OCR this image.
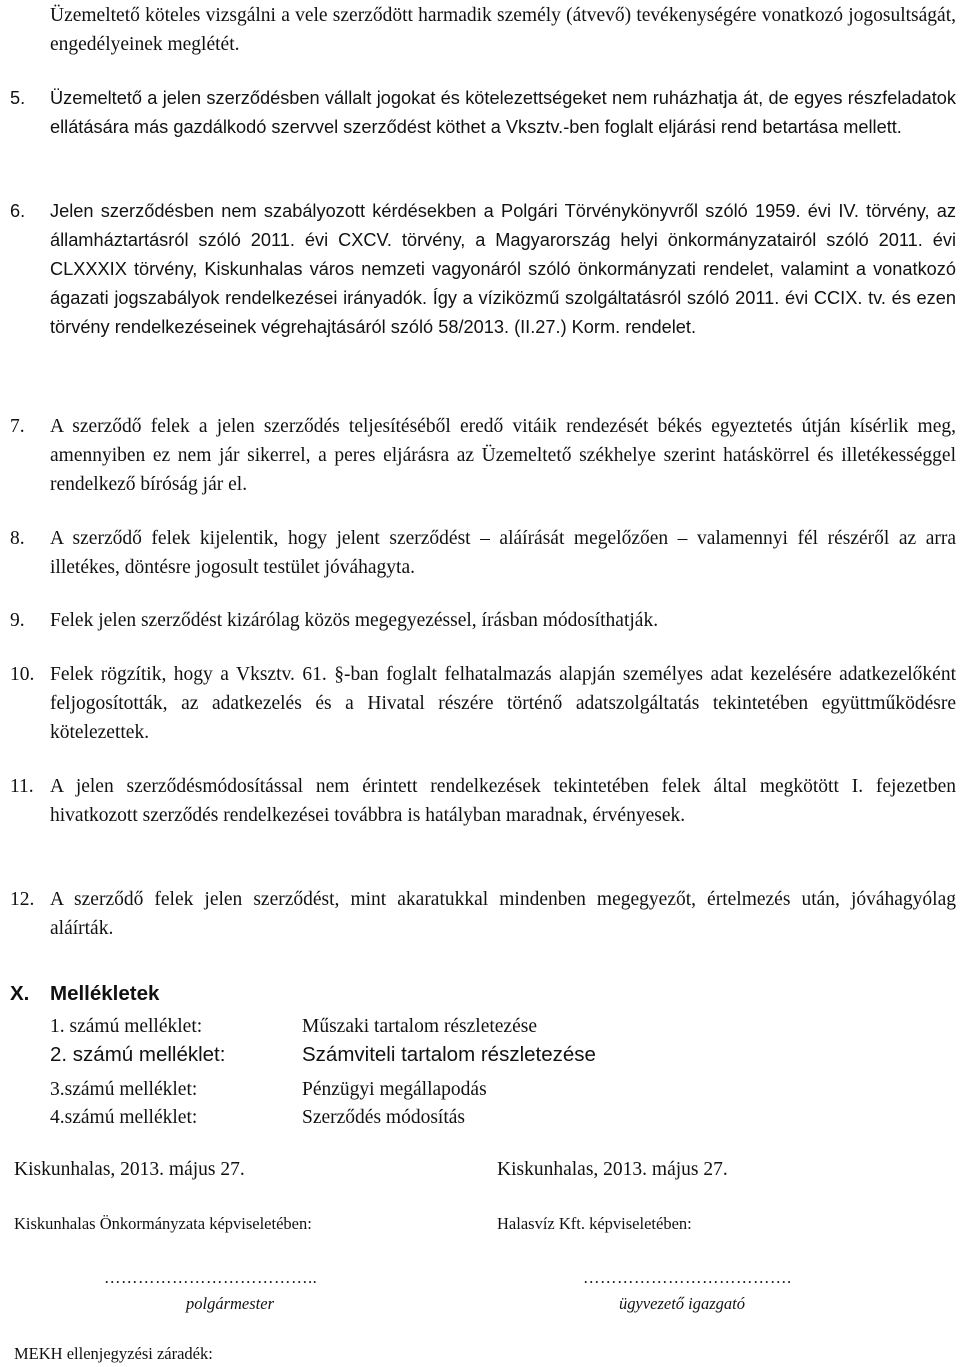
Üzemeltető köteles vizsgálni a vele szerződött harmadik személy (átvevő) tevékenységére vonatkozó jogosultságát, engedélyeinek meglétét.
5. Üzemeltető a jelen szerződésben vállalt jogokat és kötelezettségeket nem ruházhatja át, de egyes részfeladatok ellátására más gazdálkodó szervvel szerződést köthet a Vksztv.-ben foglalt eljárási rend betartása mellett.
6. Jelen szerződésben nem szabályozott kérdésekben a Polgári Törvénykönyvről szóló 1959. évi IV. törvény, az államháztartásról szóló 2011. évi CXCV. törvény, a Magyarország helyi önkormányzatairól szóló 2011. évi CLXXXIX törvény, Kiskunhalas város nemzeti vagyonáról szóló önkormányzati rendelet, valamint a vonatkozó ágazati jogszabályok rendelkezései irányadók. Így a víziközmű szolgáltatásról szóló 2011. évi CCIX. tv. és ezen törvény rendelkezéseinek végrehajtásáról szóló 58/2013. (II.27.) Korm. rendelet.
7. A szerződő felek a jelen szerződés teljesítéséből eredő vitáik rendezését békés egyeztetés útján kísérlik meg, amennyiben ez nem jár sikerrel, a peres eljárásra az Üzemeltető székhelye szerint hatáskörrel és illetékességgel rendelkező bíróság jár el.
8. A szerződő felek kijelentik, hogy jelent szerződést – aláírását megelőzően – valamennyi fél részéről az arra illetékes, döntésre jogosult testület jóváhagyta.
9. Felek jelen szerződést kizárólag közös megegyezéssel, írásban módosíthatják.
10. Felek rögzítik, hogy a Vksztv. 61. §-ban foglalt felhatalmazás alapján személyes adat kezelésére adatkezelőként feljogosították, az adatkezelés és a Hivatal részére történő adatszolgáltatás tekintetében együttműködésre kötelezettek.
11. A jelen szerződésmódosítással nem érintett rendelkezések tekintetében felek által megkötött I. fejezetben hivatkozott szerződés rendelkezései továbbra is hatályban maradnak, érvényesek.
12. A szerződő felek jelen szerződést, mint akaratukkal mindenben megegyezőt, értelmezés után, jóváhagyólag aláírták.
X. Mellékletek
1. számú melléklet:	Műszaki tartalom részletezése
2. számú melléklet:	Számviteli tartalom részletezése
3.számú melléklet:	Pénzügyi megállapodás
4.számú melléklet:	Szerződés módosítás
Kiskunhalas, 2013. május 27.
Kiskunhalas Önkormányzata képviseletében:
………………………………..
polgármester
Kiskunhalas, 2013. május 27.
Halasvíz Kft. képviseletében:
……………………………….
ügyvezető igazgató
MEKH ellenjegyzési záradék:
